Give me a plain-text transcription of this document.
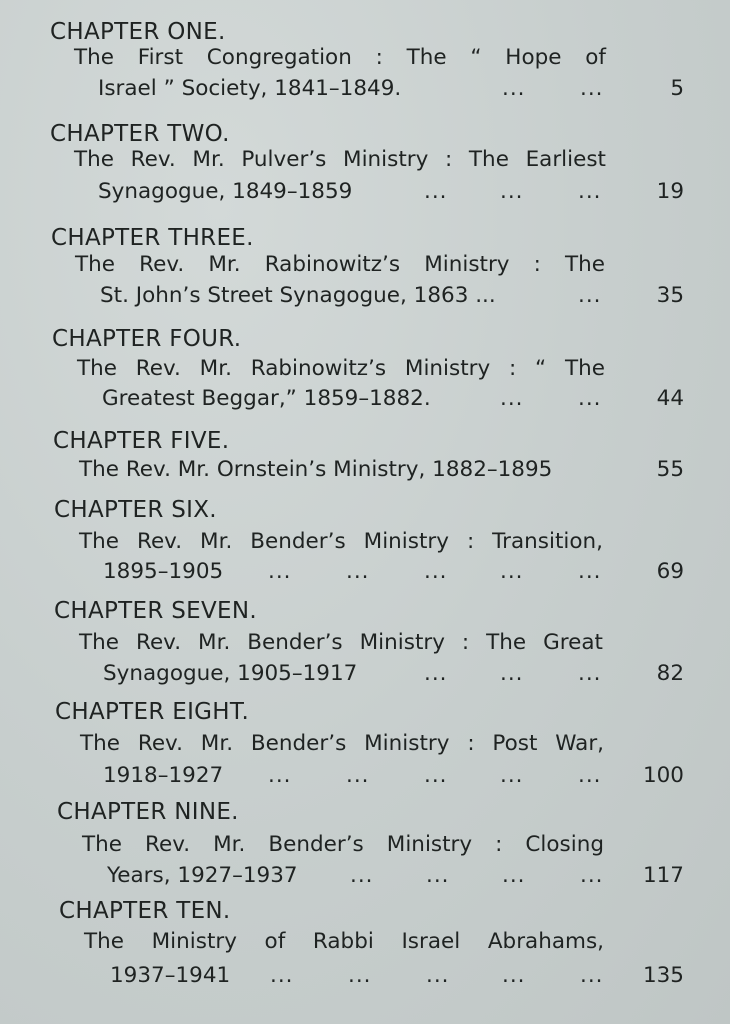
CHAPTER ONE.
The First Congregation : The “ Hope of
Israel ” Society, 1841–1849.	...	...	5
CHAPTER TWO.
The Rev. Mr. Pulver’s Ministry : The Earliest
Synagogue, 1849–1859	... ...	...	19
CHAPTER THREE.
The Rev. Mr. Rabinowitz’s Ministry : The
St. John’s Street Synagogue, 1863 ...	...	35
CHAPTER FOUR.
The Rev. Mr. Rabinowitz’s Ministry : “ The
Greatest Beggar,” 1859–1882.	...	...	44
CHAPTER FIVE.
The Rev. Mr. Ornstein’s Ministry, 1882–1895	55
CHAPTER SIX.
The Rev. Mr. Bender’s Ministry : Transition,
1895–1905 ...	...	... ...	...	69
CHAPTER SEVEN.
The Rev. Mr. Bender’s Ministry : The Great
Synagogue, 1905–1917	... ...	...	82
CHAPTER EIGHT.
The Rev. Mr. Bender’s Ministry : Post War,
1918–1927 ...	...	... ...	... 100
CHAPTER NINE.
The Rev. Mr. Bender’s Ministry : Closing
Years, 1927–1937 ... ... ...	... 117
CHAPTER TEN.
The Ministry of Rabbi Israel Abrahams,
1937–1941 ...	...	... ...	... 135
